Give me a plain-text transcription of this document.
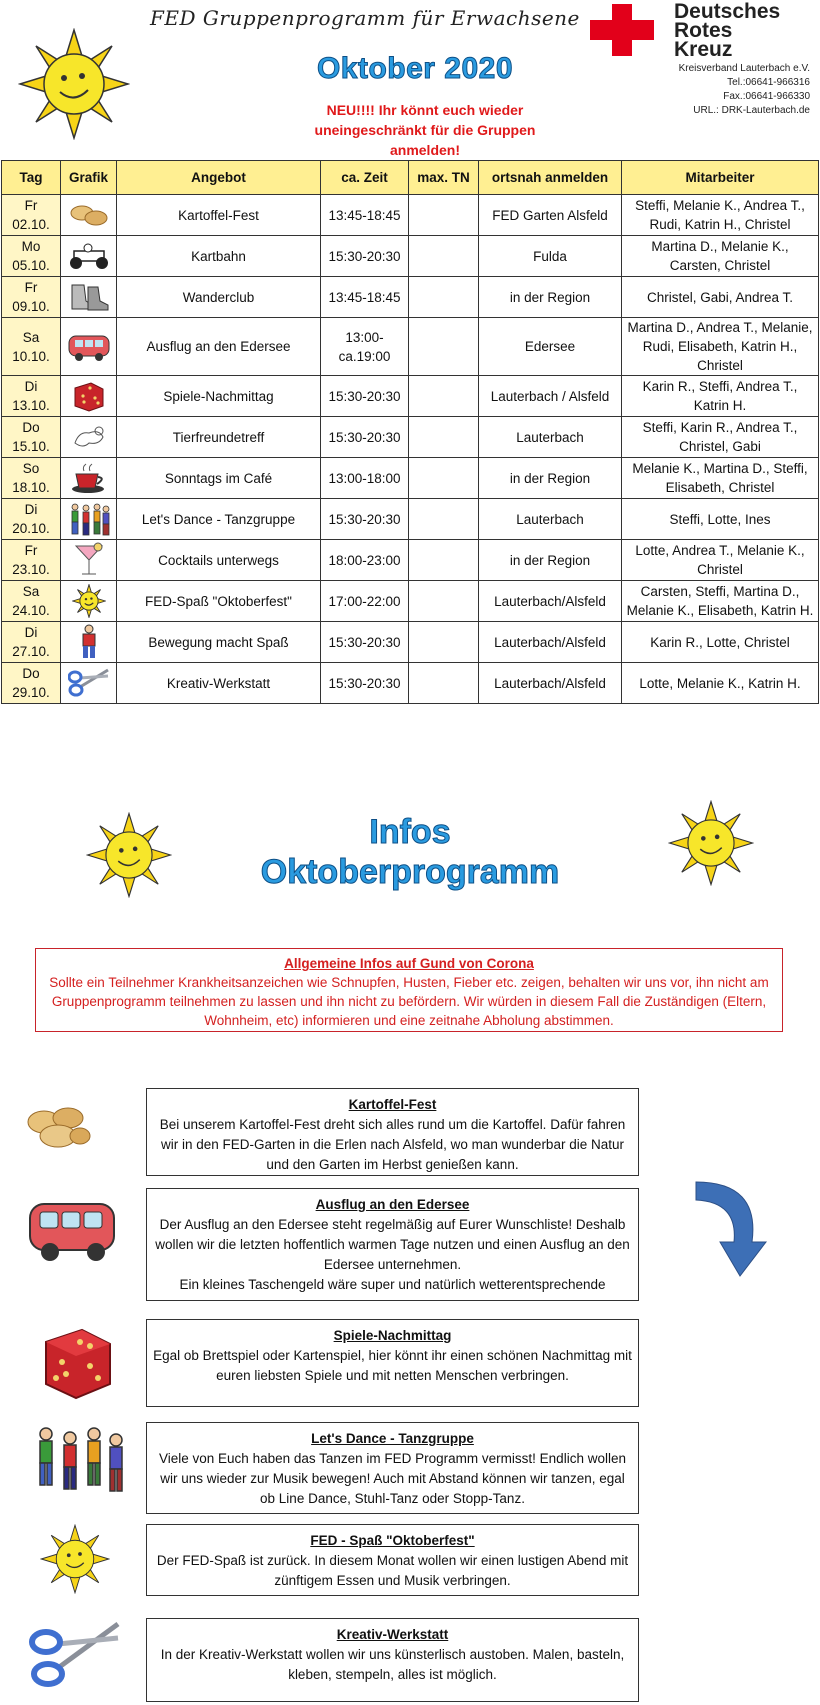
FED Gruppenprogramm für Erwachsene
Oktober 2020
NEU!!!! Ihr könnt euch wieder uneingeschränkt für die Gruppen anmelden!
Deutsches
Rotes
Kreuz
Kreisverband Lauterbach e.V.
Tel.:06641-966316
Fax.:06641-966330
URL.: DRK-Lauterbach.de
Tag	Grafik	Angebot	ca. Zeit	max. TN	ortsnah anmelden	Mitarbeiter

Fr
02.10.		Kartoffel-Fest	13:45-18:45		FED Garten Alsfeld	Steffi, Melanie K., Andrea T., Rudi, Katrin H., Christel

Mo
05.10.		Kartbahn	15:30-20:30		Fulda	Martina D., Melanie K., Carsten, Christel

Fr
09.10.		Wanderclub	13:45-18:45		in der Region	Christel, Gabi, Andrea T.

Sa
10.10.		Ausflug an den Edersee	13:00- ca.19:00		Edersee	Martina D., Andrea T., Melanie, Rudi, Elisabeth, Katrin H., Christel

Di
13.10.		Spiele-Nachmittag	15:30-20:30		Lauterbach / Alsfeld	Karin R., Steffi, Andrea T., Katrin H.

Do
15.10.		Tierfreundetreff	15:30-20:30		Lauterbach	Steffi, Karin R., Andrea T., Christel, Gabi

So
18.10.		Sonntags im Café	13:00-18:00		in der Region	Melanie K., Martina D., Steffi, Elisabeth, Christel

Di
20.10.		Let's Dance - Tanzgruppe	15:30-20:30		Lauterbach	Steffi, Lotte, Ines

Fr
23.10.		Cocktails unterwegs	18:00-23:00		in der Region	Lotte, Andrea T., Melanie K., Christel

Sa
24.10.		FED-Spaß "Oktoberfest"	17:00-22:00		Lauterbach/Alsfeld	Carsten, Steffi, Martina D., Melanie K., Elisabeth, Katrin H.

Di
27.10.		Bewegung macht Spaß	15:30-20:30		Lauterbach/Alsfeld	Karin R., Lotte, Christel

Do
29.10.		Kreativ-Werkstatt	15:30-20:30		Lauterbach/Alsfeld	Lotte, Melanie K., Katrin H.
Infos
Oktoberprogramm
Allgemeine Infos auf Gund von Corona
Sollte ein Teilnehmer Krankheitsanzeichen wie Schnupfen, Husten, Fieber etc. zeigen, behalten wir uns vor, ihn nicht am Gruppenprogramm teilnehmen zu lassen und ihn nicht zu befördern. Wir würden in diesem Fall die Zuständigen (Eltern, Wohnheim, etc) informieren und eine zeitnahe Abholung abstimmen.
Kartoffel-Fest
Bei unserem Kartoffel-Fest dreht sich alles rund um die Kartoffel. Dafür fahren wir in den FED-Garten in die Erlen nach Alsfeld, wo man wunderbar die Natur und den Garten im Herbst genießen kann.
Ausflug an den Edersee
Der Ausflug an den Edersee steht regelmäßig auf Eurer Wunschliste! Deshalb wollen wir die letzten hoffentlich warmen Tage nutzen und einen Ausflug an den Edersee unternehmen.
Ein kleines Taschengeld wäre super und natürlich wetterentsprechende
Spiele-Nachmittag
Egal ob Brettspiel oder Kartenspiel, hier könnt ihr einen schönen Nachmittag mit euren liebsten Spiele und mit netten Menschen verbringen.
Let's Dance - Tanzgruppe
Viele von Euch haben das Tanzen im FED Programm vermisst! Endlich wollen wir uns wieder zur Musik bewegen! Auch mit Abstand können wir tanzen, egal ob Line Dance, Stuhl-Tanz oder Stopp-Tanz.
FED - Spaß "Oktoberfest"
Der FED-Spaß ist zurück. In diesem Monat wollen wir einen lustigen Abend mit zünftigem Essen und Musik verbringen.
Kreativ-Werkstatt
In der Kreativ-Werkstatt wollen wir uns künsterlisch austoben. Malen, basteln, kleben, stempeln, alles ist möglich.
